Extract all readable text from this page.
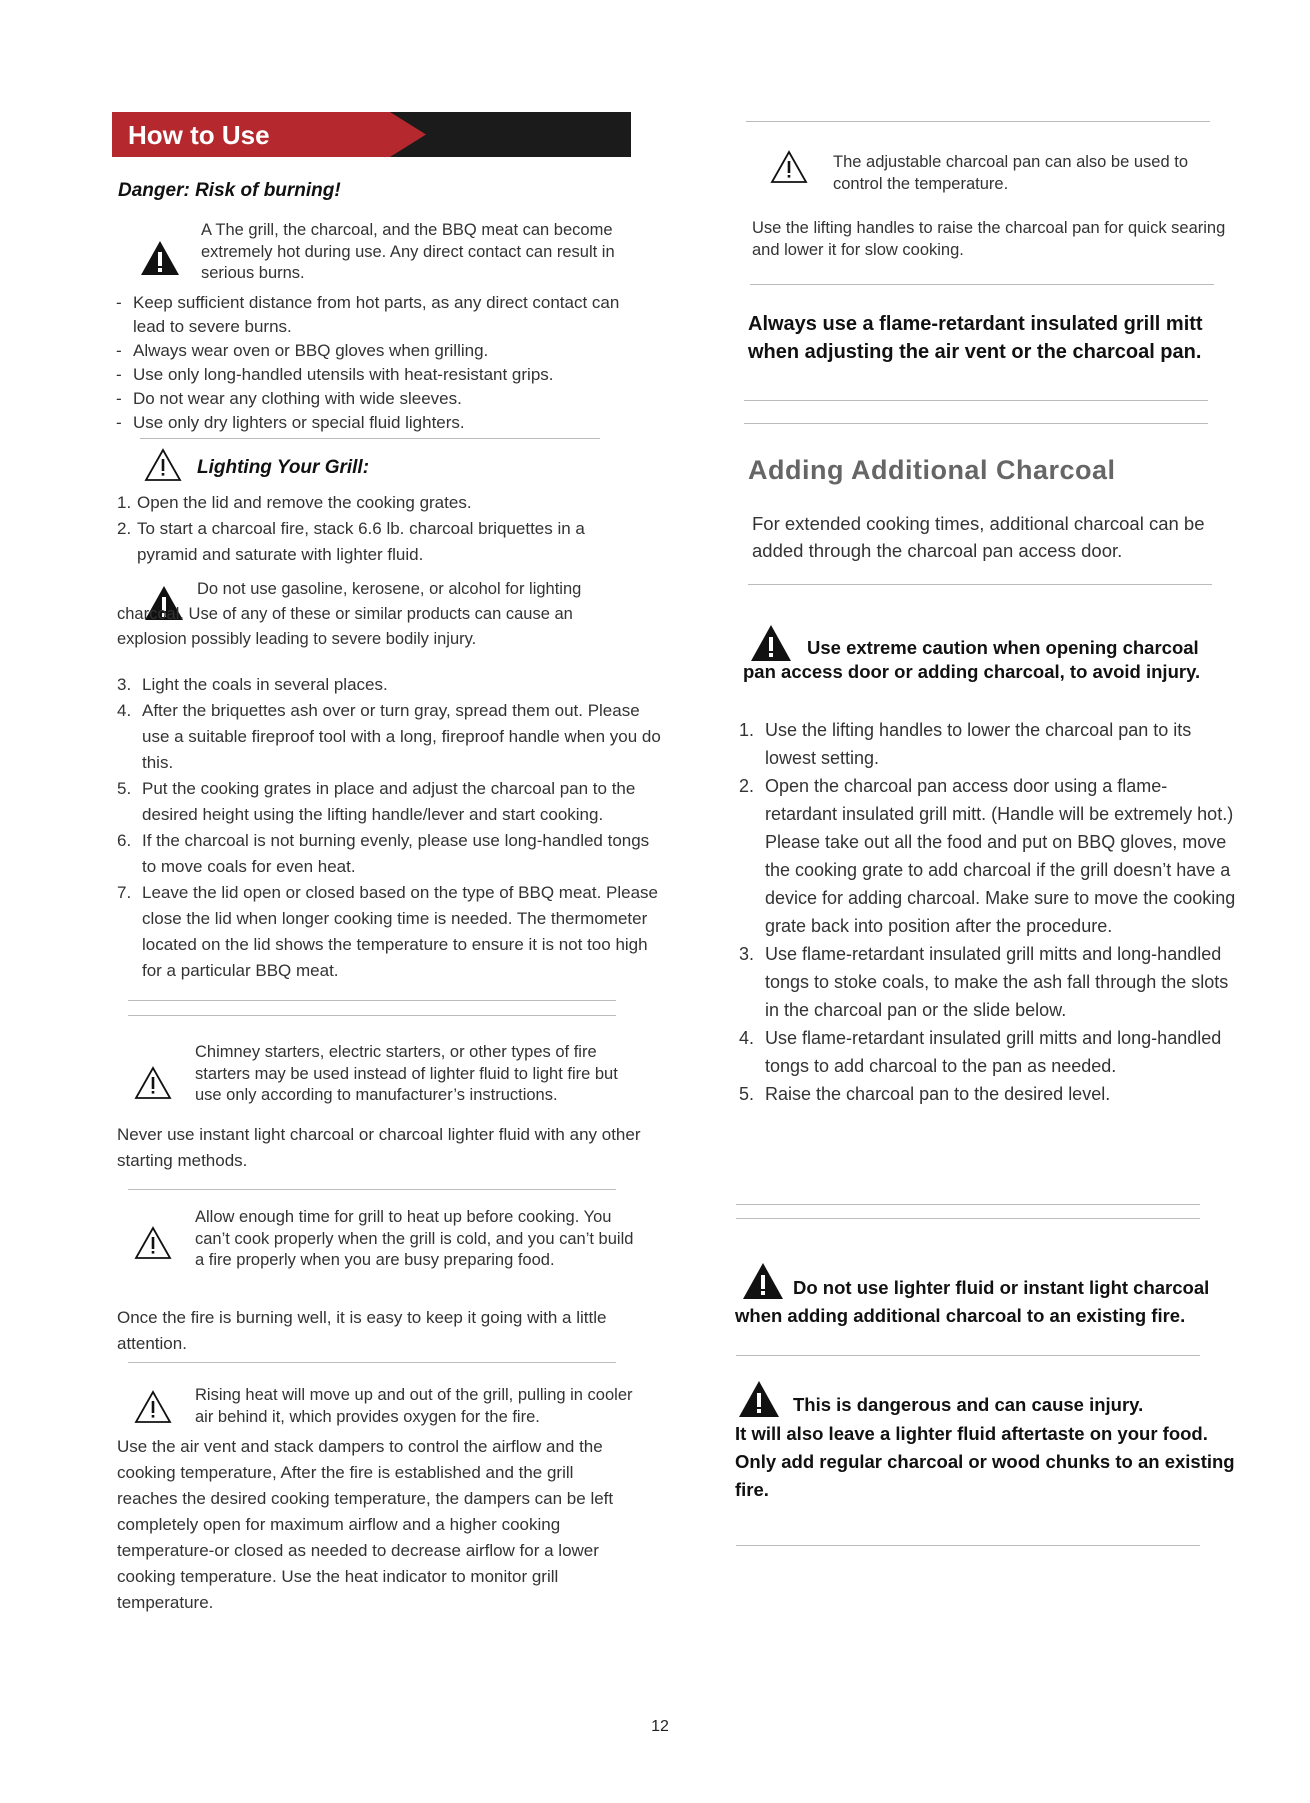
How to Use
Danger: Risk of burning!
A The grill, the charcoal, and the BBQ meat can become extremely hot during use. Any direct contact can result in serious burns.
- Keep sufficient distance from hot parts, as any direct contact can lead to severe burns.
- Always wear oven or BBQ gloves when grilling.
- Use only long-handled utensils with heat-resistant grips.
- Do not wear any clothing with wide sleeves.
- Use only dry lighters or special fluid lighters.
Lighting Your Grill:
1. Open the lid and remove the cooking grates.
2. To start a charcoal fire, stack 6.6 lb. charcoal briquettes in a pyramid and saturate with lighter fluid.
Do not use gasoline, kerosene, or alcohol for lighting charcoal. Use of any of these or similar products can cause an explosion possibly leading to severe bodily injury.
3. Light the coals in several places.
4. After the briquettes ash over or turn gray, spread them out. Please use a suitable fireproof tool with a long, fireproof handle when you do this.
5. Put the cooking grates in place and adjust the charcoal pan to the desired height using the lifting handle/lever and start cooking.
6. If the charcoal is not burning evenly, please use long-handled tongs to move coals for even heat.
7. Leave the lid open or closed based on the type of BBQ meat. Please close the lid when longer cooking time is needed. The thermometer located on the lid shows the temperature to ensure it is not too high for a particular BBQ meat.
Chimney starters, electric starters, or other types of fire starters may be used instead of lighter fluid to light fire but use only according to manufacturer’s instructions.
Never use instant light charcoal or charcoal lighter fluid with any other starting methods.
Allow enough time for grill to heat up before cooking. You can’t cook properly when the grill is cold, and you can’t build a fire properly when you are busy preparing food.
Once the fire is burning well, it is easy to keep it going with a little attention.
Rising heat will move up and out of the grill, pulling in cooler air behind it, which provides oxygen for the fire.
Use the air vent and stack dampers to control the airflow and the cooking temperature, After the fire is established and the grill reaches the desired cooking temperature, the dampers can be left completely open for maximum airflow and a higher cooking temperature-or closed as needed to decrease airflow for a lower cooking temperature. Use the heat indicator to monitor grill temperature.
The adjustable charcoal pan can also be used to control the temperature.
Use the lifting handles to raise the charcoal pan for quick searing and lower it for slow cooking.
Always use a flame-retardant insulated grill mitt when adjusting the air vent or the charcoal pan.
Adding Additional Charcoal
For extended cooking times, additional charcoal can be added through the charcoal pan access door.
Use extreme caution when opening charcoal
pan access door or adding charcoal, to avoid injury.
1. Use the lifting handles to lower the charcoal pan to its lowest setting.
2. Open the charcoal pan access door using a flame-retardant insulated grill mitt. (Handle will be extremely hot.) Please take out all the food and put on BBQ gloves, move the cooking grate to add charcoal if the grill doesn’t have a device for adding charcoal. Make sure to move the cooking grate back into position after the procedure.
3. Use flame-retardant insulated grill mitts and long-handled tongs to stoke coals, to make the ash fall through the slots in the charcoal pan or the slide below.
4. Use flame-retardant insulated grill mitts and long-handled tongs to add charcoal to the pan as needed.
5. Raise the charcoal pan to the desired level.
Do not use lighter fluid or instant light charcoal
when adding additional charcoal to an existing fire.
This is dangerous and can cause injury.
It will also leave a lighter fluid aftertaste on your food. Only add regular charcoal or wood chunks to an existing fire.
12
